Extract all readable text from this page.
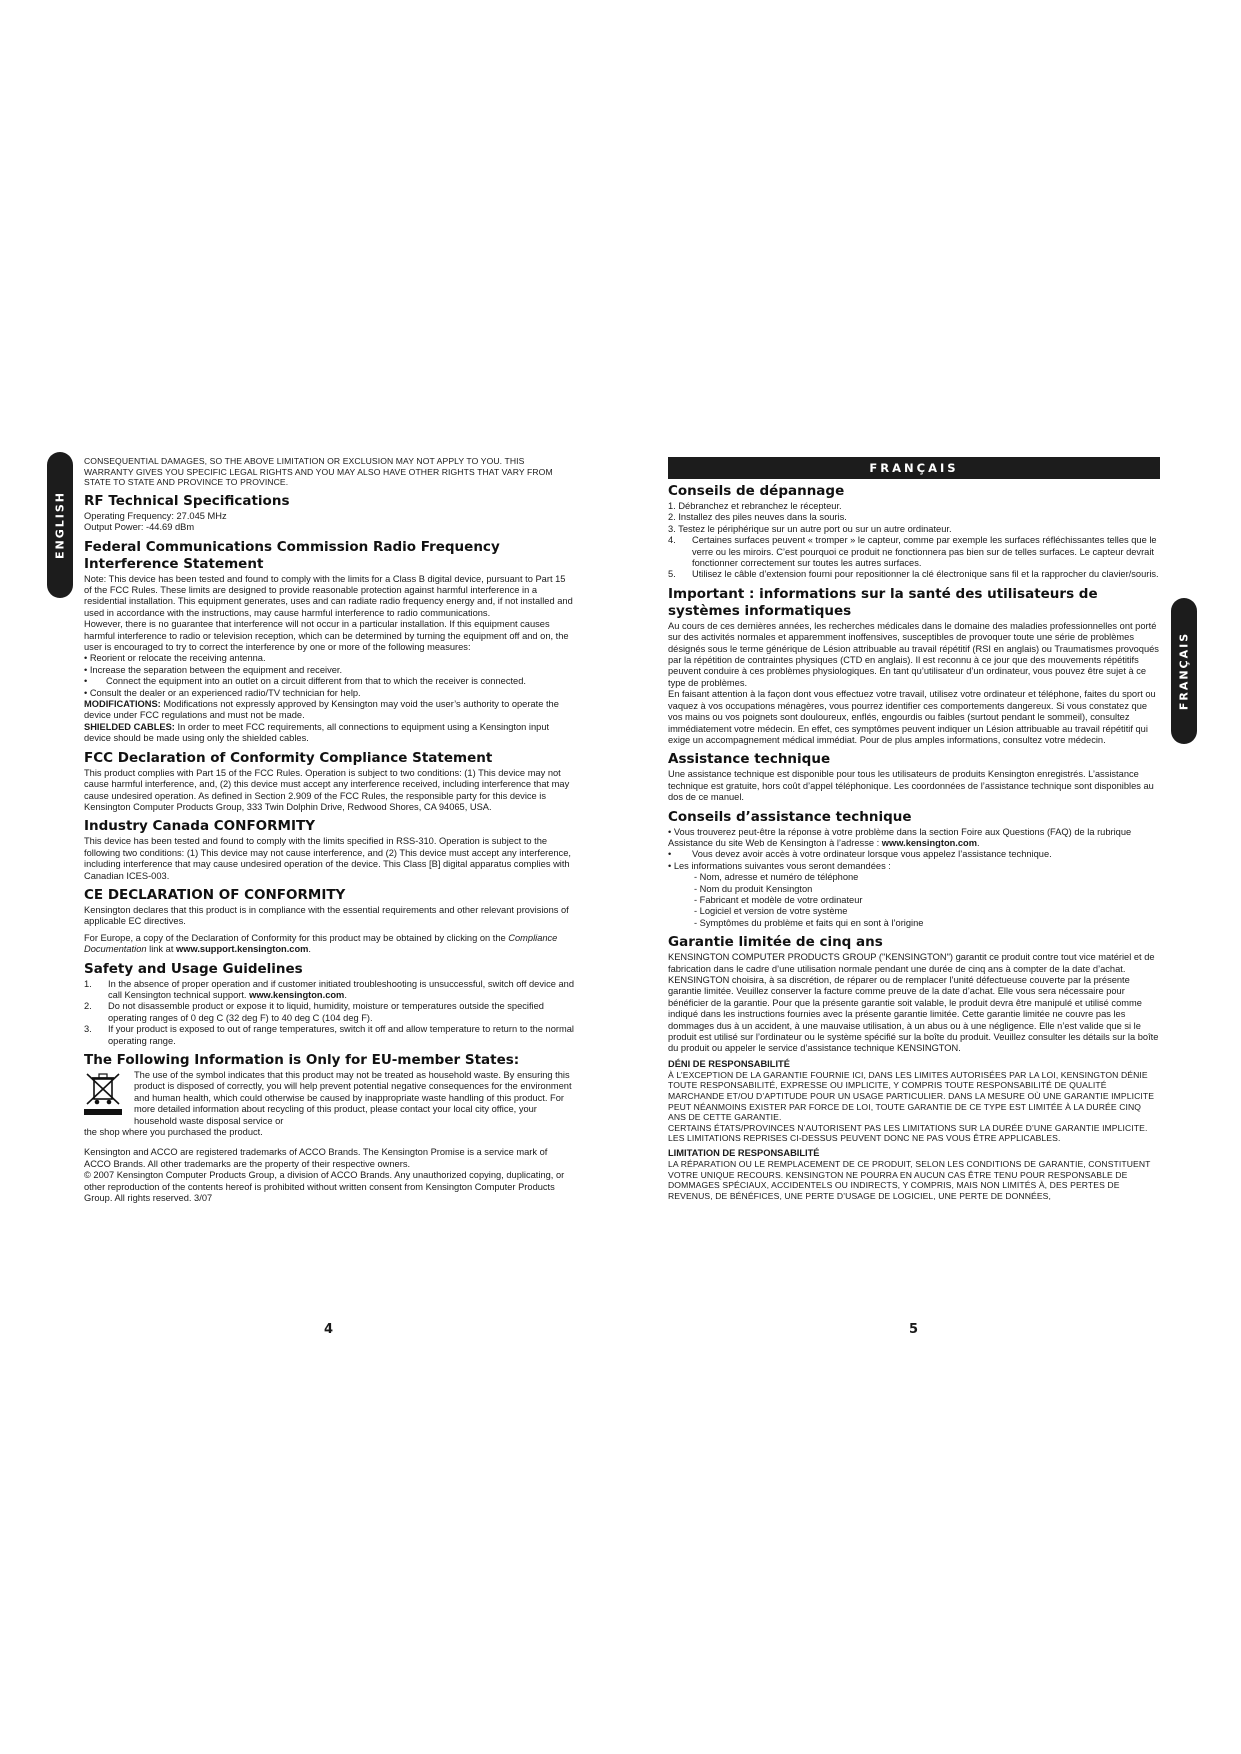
ENGLISH
FRANÇAIS

CONSEQUENTIAL DAMAGES, SO THE ABOVE LIMITATION OR EXCLUSION MAY NOT APPLY TO YOU. THIS WARRANTY GIVES YOU SPECIFIC LEGAL RIGHTS AND YOU MAY ALSO HAVE OTHER RIGHTS THAT VARY FROM STATE TO STATE AND PROVINCE TO PROVINCE.

RF Technical Specifications

Operating Frequency: 27.045 MHz

Output Power: -44.69 dBm

Federal Communications Commission Radio Frequency Interference Statement

Note: This device has been tested and found to comply with the limits for a Class B digital device, pursuant to Part 15 of the FCC Rules. These limits are designed to provide reasonable protection against harmful interference in a residential installation. This equipment generates, uses and can radiate radio frequency energy and, if not installed and used in accordance with the instructions, may cause harmful interference to radio communications.

However, there is no guarantee that interference will not occur in a particular installation. If this equipment causes harmful interference to radio or television reception, which can be determined by turning the equipment off and on, the user is encouraged to try to correct the interference by one or more of the following measures:

• Reorient or relocate the receiving antenna.

• Increase the separation between the equipment and receiver.

• Connect the equipment into an outlet on a circuit different from that to which the receiver is connected.

• Consult the dealer or an experienced radio/TV technician for help.

MODIFICATIONS: Modifications not expressly approved by Kensington may void the user’s authority to operate the device under FCC regulations and must not be made.

SHIELDED CABLES: In order to meet FCC requirements, all connections to equipment using a Kensington input device should be made using only the shielded cables.

FCC Declaration of Conformity Compliance Statement

This product complies with Part 15 of the FCC Rules. Operation is subject to two conditions: (1) This device may not cause harmful interference, and, (2) this device must accept any interference received, including interference that may cause undesired operation. As defined in Section 2.909 of the FCC Rules, the responsible party for this device is Kensington Computer Products Group, 333 Twin Dolphin Drive, Redwood Shores, CA 94065, USA.

Industry Canada CONFORMITY

This device has been tested and found to comply with the limits specified in RSS-310. Operation is subject to the following two conditions: (1) This device may not cause interference, and (2) This device must accept any interference, including interference that may cause undesired operation of the device. This Class [B] digital apparatus complies with Canadian ICES-003.

CE DECLARATION OF CONFORMITY

Kensington declares that this product is in compliance with the essential requirements and other relevant provisions of applicable EC directives.

For Europe, a copy of the Declaration of Conformity for this product may be obtained by clicking on the Compliance Documentation link at www.support.kensington.com.

Safety and Usage Guidelines
1. In the absence of proper operation and if customer initiated troubleshooting is unsuccessful, switch off device and call Kensington technical support. www.kensington.com.
2. Do not disassemble product or expose it to liquid, humidity, moisture or temperatures outside the specified operating ranges of 0 deg C (32 deg F) to 40 deg C (104 deg F).
3. If your product is exposed to out of range temperatures, switch it off and allow temperature to return to the normal operating range.
The Following Information is Only for EU-member States:

The use of the symbol indicates that this product may not be treated as household waste. By ensuring this product is disposed of correctly, you will help prevent potential negative consequences for the environment and human health, which could otherwise be caused by inappropriate waste handling of this product. For more detailed information about recycling of this product, please contact your local city office, your household waste disposal service or

the shop where you purchased the product.

Kensington and ACCO are registered trademarks of ACCO Brands. The Kensington Promise is a service mark of ACCO Brands. All other trademarks are the property of their respective owners.

© 2007 Kensington Computer Products Group, a division of ACCO Brands. Any unauthorized copying, duplicating, or other reproduction of the contents hereof is prohibited without written consent from Kensington Computer Products Group. All rights reserved. 3/07

FRANÇAIS
Conseils de dépannage

1. Débranchez et rebranchez le récepteur.

2. Installez des piles neuves dans la souris.

3. Testez le périphérique sur un autre port ou sur un autre ordinateur.

4. Certaines surfaces peuvent « tromper » le capteur, comme par exemple les surfaces réfléchissantes telles que le verre ou les miroirs. C’est pourquoi ce produit ne fonctionnera pas bien sur de telles surfaces. Le capteur devrait fonctionner correctement sur toutes les autres surfaces.
5. Utilisez le câble d’extension fourni pour repositionner la clé électronique sans fil et la rapprocher du clavier/souris.
Important : informations sur la santé des utilisateurs de systèmes informatiques

Au cours de ces dernières années, les recherches médicales dans le domaine des maladies professionnelles ont porté sur des activités normales et apparemment inoffensives, susceptibles de provoquer toute une série de problèmes désignés sous le terme générique de Lésion attribuable au travail répétitif (RSI en anglais) ou Traumatismes provoqués par la répétition de contraintes physiques (CTD en anglais). Il est reconnu à ce jour que des mouvements répétitifs peuvent conduire à ces problèmes physiologiques. En tant qu’utilisateur d’un ordinateur, vous pouvez être sujet à ce type de problèmes.

En faisant attention à la façon dont vous effectuez votre travail, utilisez votre ordinateur et téléphone, faites du sport ou vaquez à vos occupations ménagères, vous pourrez identifier ces comportements dangereux. Si vous constatez que vos mains ou vos poignets sont douloureux, enflés, engourdis ou faibles (surtout pendant le sommeil), consultez immédiatement votre médecin. En effet, ces symptômes peuvent indiquer un Lésion attribuable au travail répétitif qui exige un accompagnement médical immédiat. Pour de plus amples informations, consultez votre médecin.

Assistance technique

Une assistance technique est disponible pour tous les utilisateurs de produits Kensington enregistrés. L’assistance technique est gratuite, hors coût d’appel téléphonique. Les coordonnées de l’assistance technique sont disponibles au dos de ce manuel.

Conseils d’assistance technique

• Vous trouverez peut-être la réponse à votre problème dans la section Foire aux Questions (FAQ) de la rubrique Assistance du site Web de Kensington à l’adresse : www.kensington.com.

• Vous devez avoir accès à votre ordinateur lorsque vous appelez l’assistance technique.

• Les informations suivantes vous seront demandées :

- Nom, adresse et numéro de téléphone

- Nom du produit Kensington

- Fabricant et modèle de votre ordinateur

- Logiciel et version de votre système

- Symptômes du problème et faits qui en sont à l’origine

Garantie limitée de cinq ans

KENSINGTON COMPUTER PRODUCTS GROUP ("KENSINGTON") garantit ce produit contre tout vice matériel et de fabrication dans le cadre d’une utilisation normale pendant une durée de cinq ans à compter de la date d’achat. KENSINGTON choisira, à sa discrétion, de réparer ou de remplacer l’unité défectueuse couverte par la présente garantie limitée. Veuillez conserver la facture comme preuve de la date d’achat. Elle vous sera nécessaire pour bénéficier de la garantie. Pour que la présente garantie soit valable, le produit devra être manipulé et utilisé comme indiqué dans les instructions fournies avec la présente garantie limitée. Cette garantie limitée ne couvre pas les dommages dus à un accident, à une mauvaise utilisation, à un abus ou à une négligence. Elle n’est valide que si le produit est utilisé sur l’ordinateur ou le système spécifié sur la boîte du produit. Veuillez consulter les détails sur la boîte du produit ou appeler le service d’assistance technique KENSINGTON.

DÉNI DE RESPONSABILITÉ

À L’EXCEPTION DE LA GARANTIE FOURNIE ICI, DANS LES LIMITES AUTORISÉES PAR LA LOI, KENSINGTON DÉNIE TOUTE RESPONSABILITÉ, EXPRESSE OU IMPLICITE, Y COMPRIS TOUTE RESPONSABILITÉ DE QUALITÉ MARCHANDE ET/OU D’APTITUDE POUR UN USAGE PARTICULIER. DANS LA MESURE OÙ UNE GARANTIE IMPLICITE PEUT NÉANMOINS EXISTER PAR FORCE DE LOI, TOUTE GARANTIE DE CE TYPE EST LIMITÉE À LA DURÉE CINQ ANS DE CETTE GARANTIE.

CERTAINS ÉTATS/PROVINCES N’AUTORISENT PAS LES LIMITATIONS SUR LA DURÉE D’UNE GARANTIE IMPLICITE. LES LIMITATIONS REPRISES CI-DESSUS PEUVENT DONC NE PAS VOUS ÊTRE APPLICABLES.

LIMITATION DE RESPONSABILITÉ

LA RÉPARATION OU LE REMPLACEMENT DE CE PRODUIT, SELON LES CONDITIONS DE GARANTIE, CONSTITUENT VOTRE UNIQUE RECOURS. KENSINGTON NE POURRA EN AUCUN CAS ÊTRE TENU POUR RESPONSABLE DE DOMMAGES SPÉCIAUX, ACCIDENTELS OU INDIRECTS, Y COMPRIS, MAIS NON LIMITÉS À, DES PERTES DE REVENUS, DE BÉNÉFICES, UNE PERTE D’USAGE DE LOGICIEL, UNE PERTE DE DONNÉES,

4	5
